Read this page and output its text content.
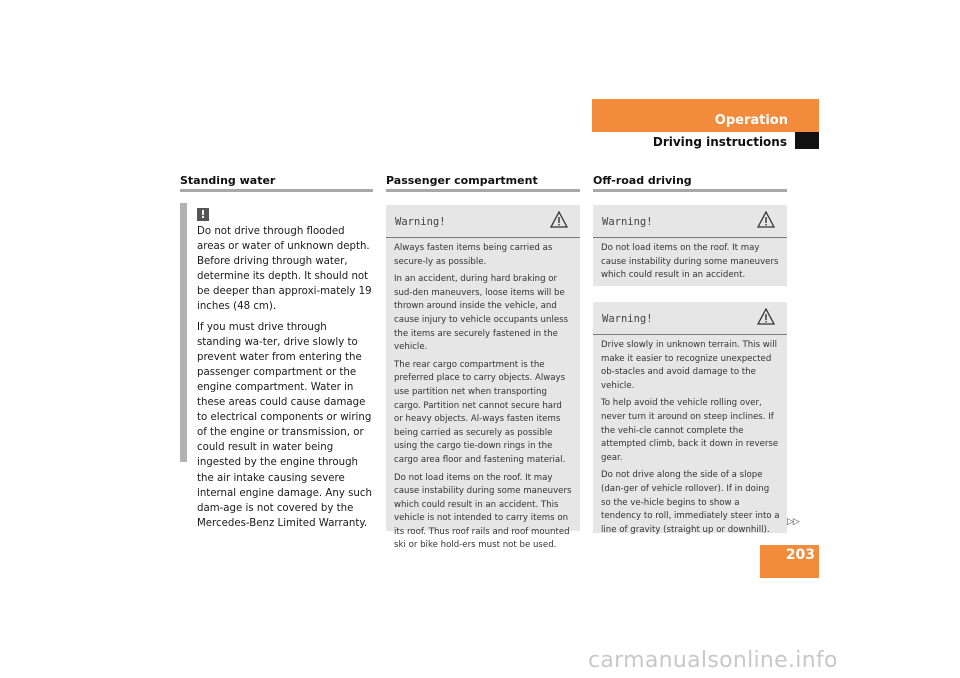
Operation
Driving instructions
Standing water	Passenger compartment	Off-road driving
!

Do not drive through flooded areas or water of unknown depth. Before driving through water, determine its depth. It should not be deeper than approxi-mately 19 inches (48 cm).

If you must drive through standing wa-ter, drive slowly to prevent water from entering the passenger compartment or the engine compartment. Water in these areas could cause damage to electrical components or wiring of the engine or transmission, or could result in water being ingested by the engine through the air intake causing severe internal engine damage. Any such dam-age is not covered by the Mercedes-Benz Limited Warranty.

Warning!

Always fasten items being carried as secure-ly as possible.

In an accident, during hard braking or sud-den maneuvers, loose items will be thrown around inside the vehicle, and cause injury to vehicle occupants unless the items are securely fastened in the vehicle.

The rear cargo compartment is the preferred place to carry objects. Always use partition net when transporting cargo. Partition net cannot secure hard or heavy objects. Al-ways fasten items being carried as securely as possible using the cargo tie-down rings in the cargo area floor and fastening material.

Do not load items on the roof. It may cause instability during some maneuvers which could result in an accident. This vehicle is not intended to carry items on its roof. Thus roof rails and roof mounted ski or bike hold-ers must not be used.

Warning!

Do not load items on the roof. It may cause instability during some maneuvers which could result in an accident.

Warning!

Drive slowly in unknown terrain. This will make it easier to recognize unexpected ob-stacles and avoid damage to the vehicle.

To help avoid the vehicle rolling over, never turn it around on steep inclines. If the vehi-cle cannot complete the attempted climb, back it down in reverse gear.

Do not drive along the side of a slope (dan-ger of vehicle rollover). If in doing so the ve-hicle begins to show a tendency to roll, immediately steer into a line of gravity (straight up or downhill).

▷▷
203
carmanualsonline.info
